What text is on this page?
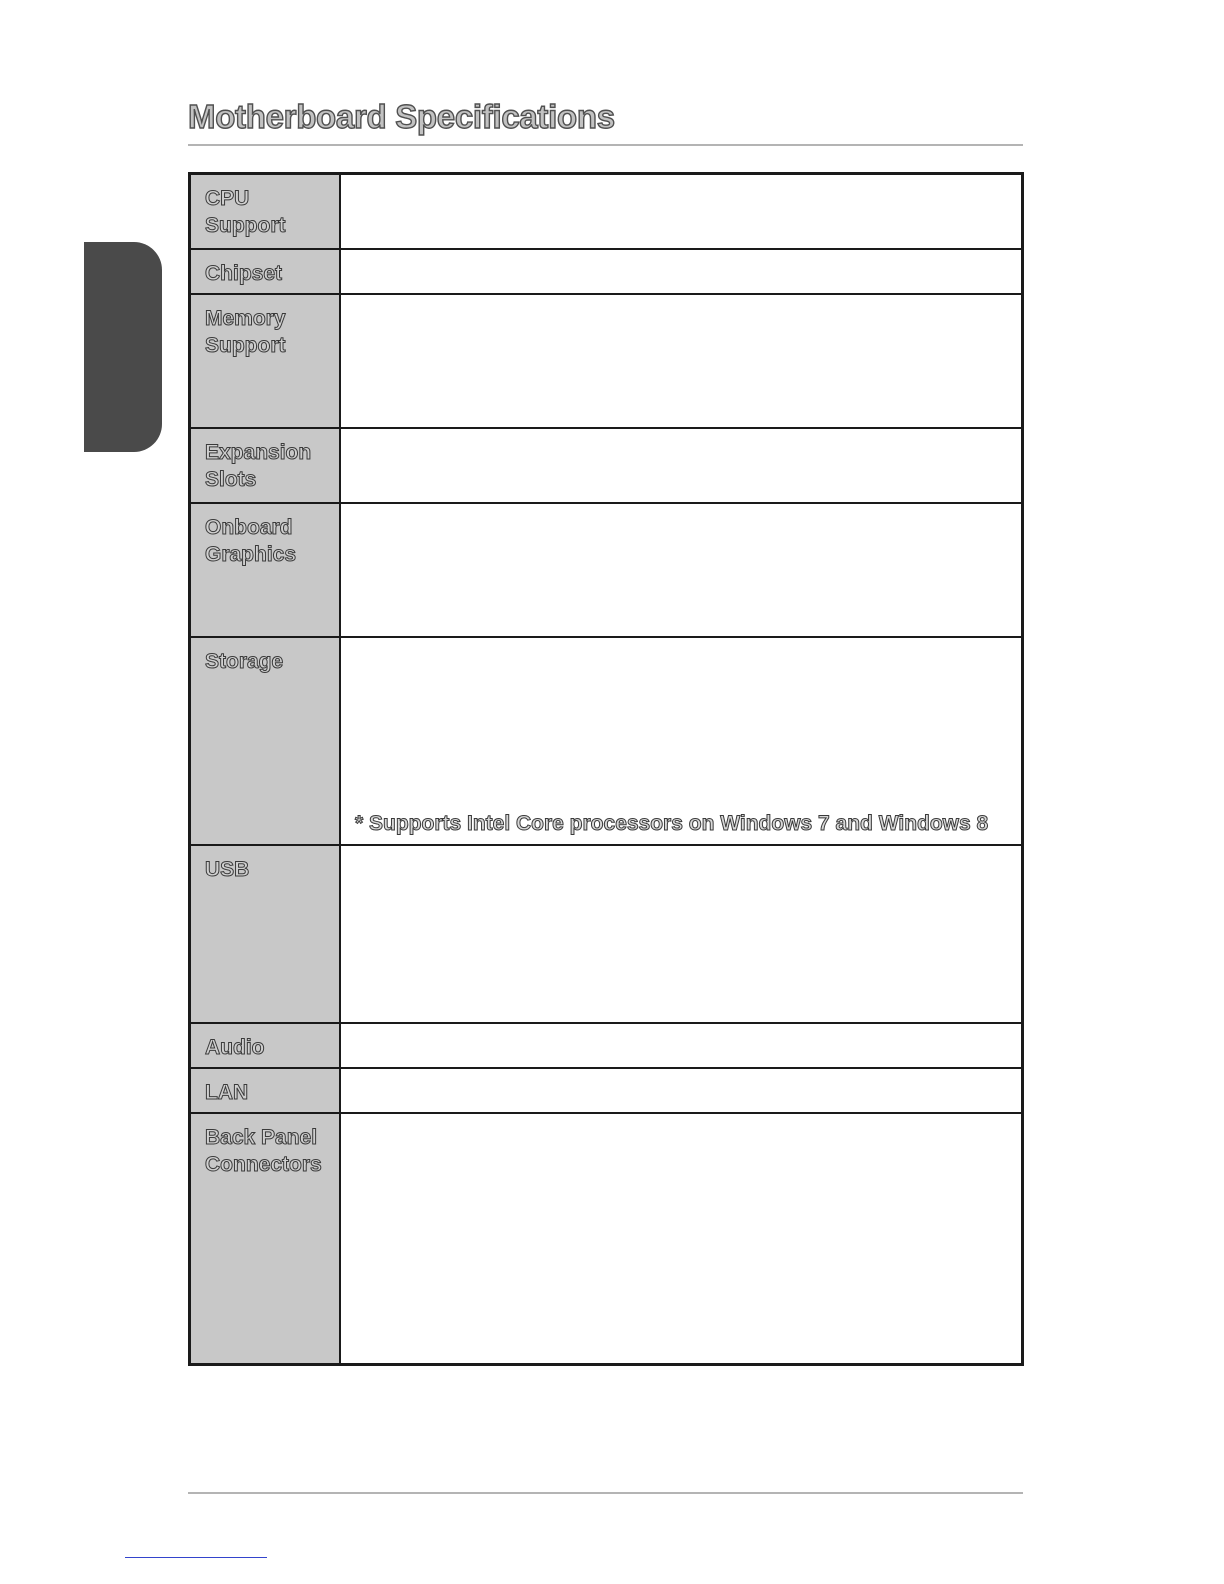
Motherboard Specifications
CPU
Support	

Chipset	

Memory
Support	

Expansion
Slots	

Onboard
Graphics	

Storage	* Supports Intel Core processors on Windows 7 and Windows 8

USB	

Audio	

LAN	

Back Panel
Connectors	
